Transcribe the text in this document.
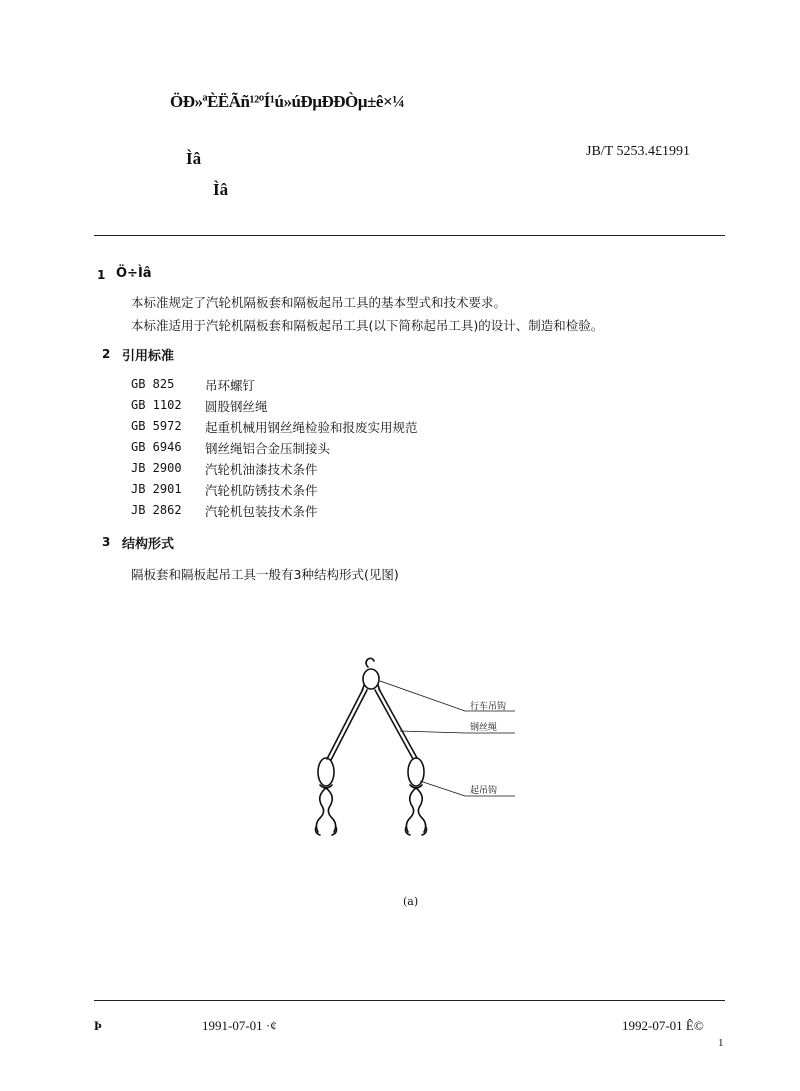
ÖÐ»ªÈËÃñ¹²ºÍ¹ú»úÐµÐÐÒµ±ê×¼
JB/T 5253.4£1991
Ìâ
Ìâ
1 Ö÷Ìâ
本标准规定了汽轮机隔板套和隔板起吊工具的基本型式和技术要求。
本标准适用于汽轮机隔板套和隔板起吊工具(以下简称起吊工具)的设计、制造和检验。
2 引用标准
GB 825 吊环螺钉
GB 1102 圆股钢丝绳
GB 5972 起重机械用钢丝绳检验和报废实用规范
GB 6946 钢丝绳铝合金压制接头
JB 2900 汽轮机油漆技术条件
JB 2901 汽轮机防锈技术条件
JB 2862 汽轮机包装技术条件
3 结构形式
隔板套和隔板起吊工具一般有3种结构形式(见图)
行车吊钩
钢丝绳
起吊钩
(a)
Þ	1991-07-01 ·¢	1992-07-01 Ê©
1
